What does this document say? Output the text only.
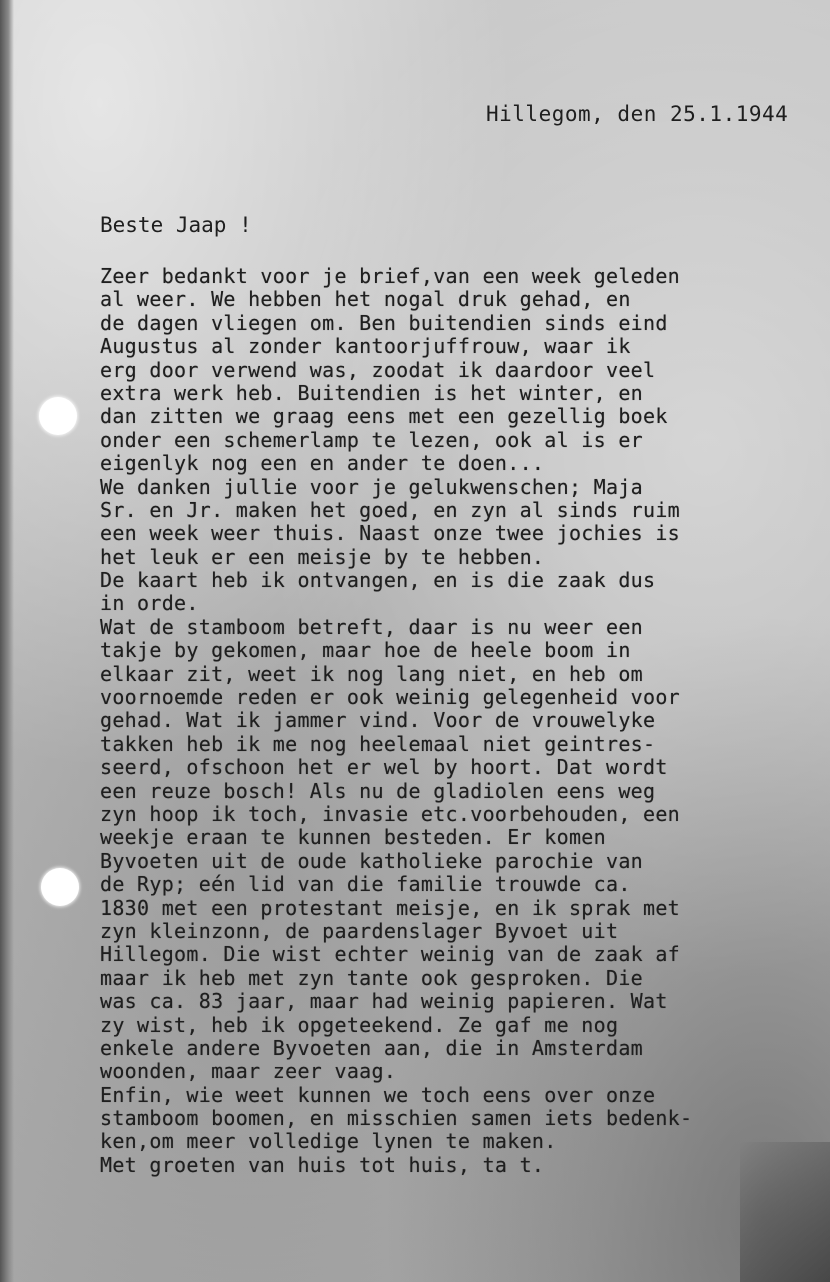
Hillegom, den 25.1.1944
Beste Jaap !
Zeer bedankt voor je brief,van een week geleden
al weer. We hebben het nogal druk gehad, en
de dagen vliegen om. Ben buitendien sinds eind
Augustus al zonder kantoorjuffrouw, waar ik
erg door verwend was, zoodat ik daardoor veel
extra werk heb. Buitendien is het winter, en
dan zitten we graag eens met een gezellig boek
onder een schemerlamp te lezen, ook al is er
eigenlyk nog een en ander te doen...
We danken jullie voor je gelukwenschen; Maja
Sr. en Jr. maken het goed, en zyn al sinds ruim
een week weer thuis. Naast onze twee jochies is
het leuk er een meisje by te hebben.
De kaart heb ik ontvangen, en is die zaak dus
in orde.
Wat de stamboom betreft, daar is nu weer een
takje by gekomen, maar hoe de heele boom in
elkaar zit, weet ik nog lang niet, en heb om
voornoemde reden er ook weinig gelegenheid voor
gehad. Wat ik jammer vind. Voor de vrouwelyke
takken heb ik me nog heelemaal niet geintres-
seerd, ofschoon het er wel by hoort. Dat wordt
een reuze bosch! Als nu de gladiolen eens weg
zyn hoop ik toch, invasie etc.voorbehouden, een
weekje eraan te kunnen besteden. Er komen
Byvoeten uit de oude katholieke parochie van
de Ryp; eén lid van die familie trouwde ca.
1830 met een protestant meisje, en ik sprak met
zyn kleinzonn, de paardenslager Byvoet uit
Hillegom. Die wist echter weinig van de zaak af
maar ik heb met zyn tante ook gesproken. Die
was ca. 83 jaar, maar had weinig papieren. Wat
zy wist, heb ik opgeteekend. Ze gaf me nog
enkele andere Byvoeten aan, die in Amsterdam
woonden, maar zeer vaag.
Enfin, wie weet kunnen we toch eens over onze
stamboom boomen, en misschien samen iets bedenk-
ken,om meer volledige lynen te maken.
Met groeten van huis tot huis, ta t.
